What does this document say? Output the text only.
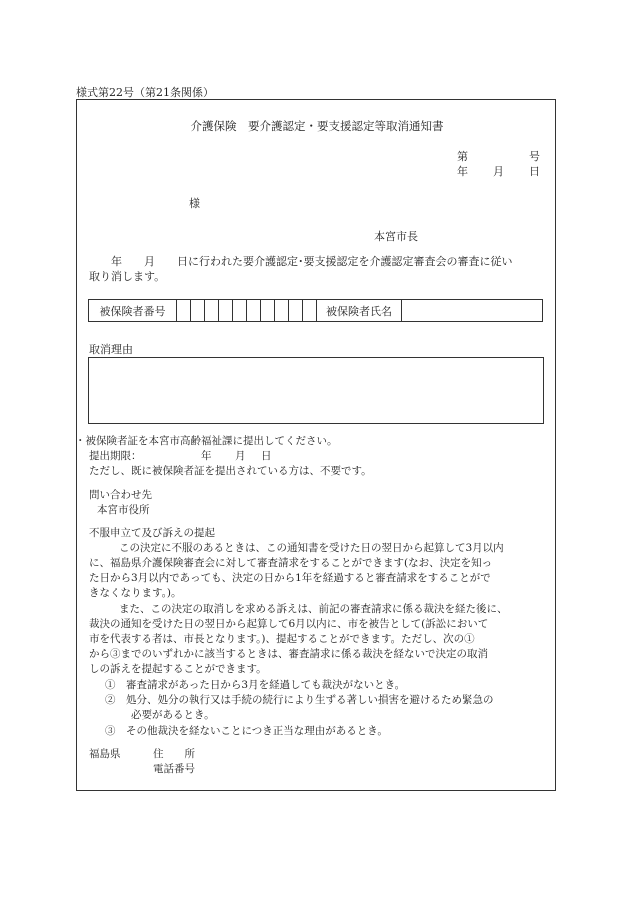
様式第22号（第21条関係）
介護保険　要介護認定・要支援認定等取消通知書
第	号
年 月 日
様
本宮市長
　　年　　月　　日に行われた要介護認定･要支援認定を介護認定審査会の審査に従い
取り消します。
被保険者番号											被保険者氏名	
取消理由
・被保険者証を本宮市高齢福祉課に提出してください。
提出期限：	年 月 日
ただし、既に被保険者証を提出されている方は、不要です。
問い合わせ先
本宮市役所
不服申立て及び訴えの提起
この決定に不服のあるときは、この通知書を受けた日の翌日から起算して3月以内
に、福島県介護保険審査会に対して審査請求をすることができます(なお、決定を知っ
た日から3月以内であっても、決定の日から1年を経過すると審査請求をすることがで
きなくなります。)。
また、この決定の取消しを求める訴えは、前記の審査請求に係る裁決を経た後に、
裁決の通知を受けた日の翌日から起算して6月以内に、市を被告として(訴訟において
市を代表する者は、市長となります。)、提起することができます。ただし、次の①
から③までのいずれかに該当するときは、審査請求に係る裁決を経ないで決定の取消
しの訴えを提起することができます。
①　審査請求があった日から3月を経過しても裁決がないとき。
②　処分、処分の執行又は手続の続行により生ずる著しい損害を避けるため緊急の
必要があるとき。
③　その他裁決を経ないことにつき正当な理由があるとき。
福島県	住　　所
電話番号
